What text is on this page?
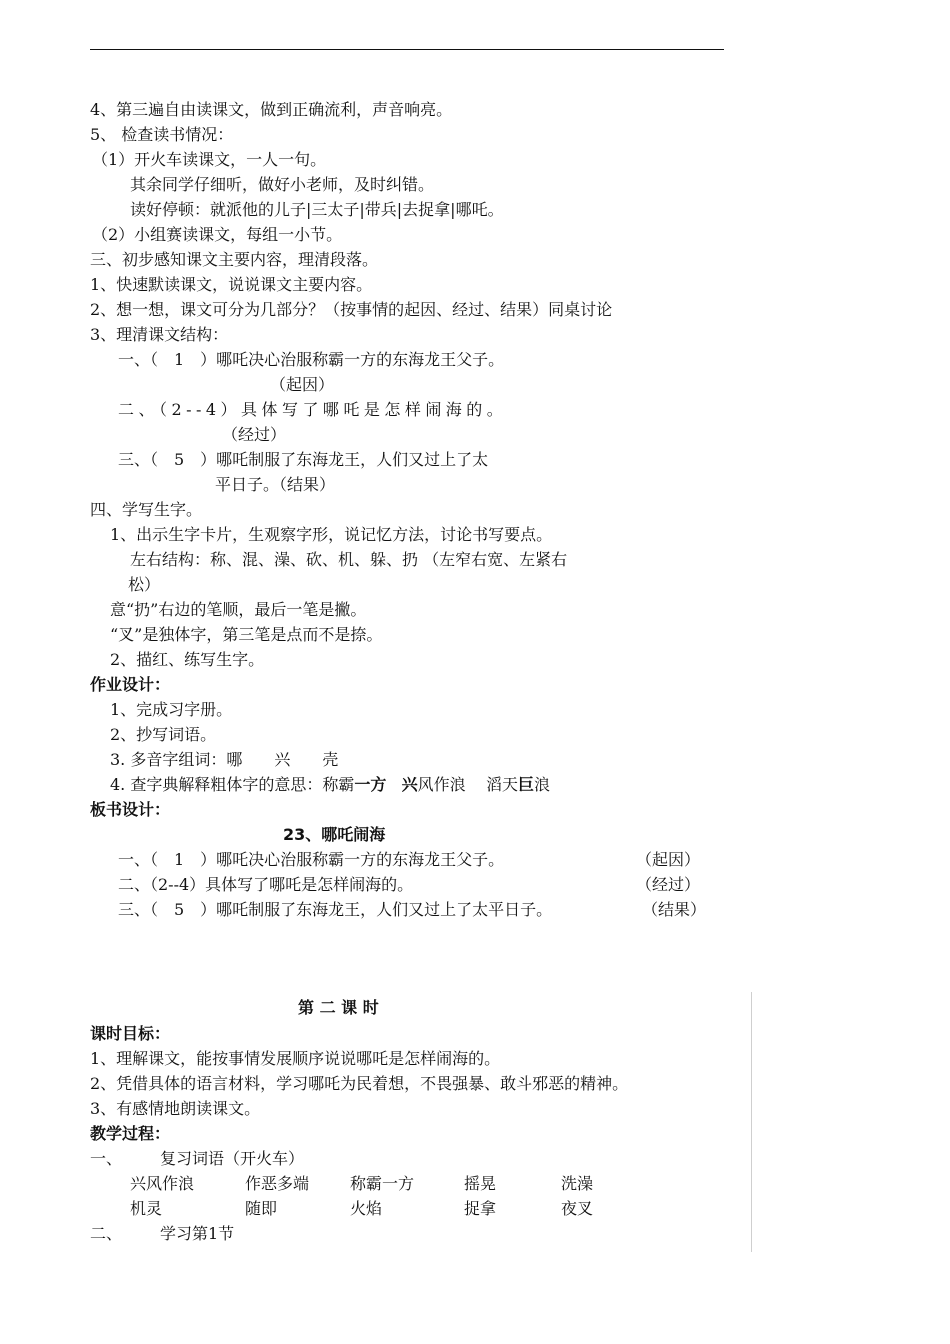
4、第三遍自由读课文，做到正确流利，声音响亮。
5、 检查读书情况：
（1）开火车读课文，一人一句。
其余同学仔细听，做好小老师，及时纠错。
读好停顿：就派他的儿子|三太子|带兵|去捉拿|哪吒。
（2）小组赛读课文，每组一小节。
三、初步感知课文主要内容，理清段落。
1、快速默读课文，说说课文主要内容。
2、想一想，课文可分为几部分？（按事情的起因、经过、结果）同桌讨论
3、理清课文结构：
一、（　1　）哪吒决心治服称霸一方的东海龙王父子。
（起因）
二、（2--4）具体写了哪吒是怎样闹海的。
（经过）
三、（　5　）哪吒制服了东海龙王，人们又过上了太
平日子。（结果）
四、学写生字。
1、出示生字卡片，生观察字形，说记忆方法，讨论书写要点。
左右结构：称、混、澡、砍、机、躲、扔 （左窄右宽、左紧右
松）
意“扔”右边的笔顺，最后一笔是撇。
“叉”是独体字，第三笔是点而不是捺。
2、描红、练写生字。
作业设计：
1、完成习字册。
2、抄写词语。
3. 多音字组词：哪　　兴　　壳
4. 查字典解释粗体字的意思：称霸一方 兴风作浪 滔天巨浪
板书设计：
23、哪吒闹海
一、（　1　）哪吒决心治服称霸一方的东海龙王父子。	（起因）
二、（2--4）具体写了哪吒是怎样闹海的。	（经过）
三、（　5　）哪吒制服了东海龙王，人们又过上了太平日子。	（结果）
第 二 课 时
课时目标：
1、理解课文，能按事情发展顺序说说哪吒是怎样闹海的。
2、凭借具体的语言材料，学习哪吒为民着想，不畏强暴、敢斗邪恶的精神。
3、有感情地朗读课文。
教学过程：
一、 复习词语（开火车）
兴风作浪	作恶多端	称霸一方	摇晃	洗澡
机灵	随即	火焰	捉拿	夜叉
二、 学习第1节
